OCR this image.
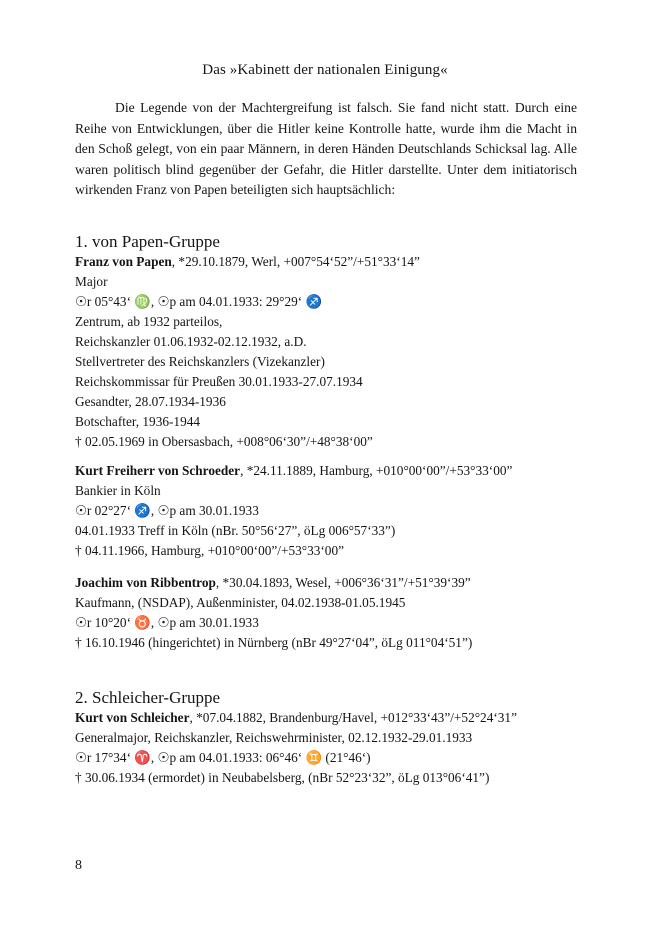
Das »Kabinett der nationalen Einigung«
Die Legende von der Machtergreifung ist falsch. Sie fand nicht statt. Durch eine Reihe von Entwicklungen, über die Hitler keine Kontrolle hatte, wurde ihm die Macht in den Schoß gelegt, von ein paar Männern, in deren Händen Deutschlands Schicksal lag. Alle waren politisch blind gegenüber der Gefahr, die Hitler darstellte. Unter dem initiatorisch wirkenden Franz von Papen beteiligten sich hauptsächlich:
1. von Papen-Gruppe
Franz von Papen, *29.10.1879, Werl, +007°54‘52”/+51°33‘14”
Major
☉r 05°43‘ ♍, ☉p am 04.01.1933: 29°29‘ ♐
Zentrum, ab 1932 parteilos,
Reichskanzler 01.06.1932-02.12.1932, a.D.
Stellvertreter des Reichskanzlers (Vizekanzler)
Reichskommissar für Preußen 30.01.1933-27.07.1934
Gesandter, 28.07.1934-1936
Botschafter, 1936-1944
† 02.05.1969 in Obersasbach, +008°06‘30”/+48°38‘00”
Kurt Freiherr von Schroeder, *24.11.1889, Hamburg, +010°00‘00”/+53°33‘00”
Bankier in Köln
☉r 02°27‘ ♐, ☉p am 30.01.1933
04.01.1933 Treff in Köln (nBr. 50°56‘27”, öLg 006°57‘33”)
† 04.11.1966, Hamburg, +010°00‘00”/+53°33‘00”
Joachim von Ribbentrop, *30.04.1893, Wesel, +006°36‘31”/+51°39‘39”
Kaufmann, (NSDAP), Außenminister, 04.02.1938-01.05.1945
☉r 10°20‘ ♉, ☉p am 30.01.1933
† 16.10.1946 (hingerichtet) in Nürnberg (nBr 49°27‘04”, öLg 011°04‘51”)
2. Schleicher-Gruppe
Kurt von Schleicher, *07.04.1882, Brandenburg/Havel, +012°33‘43”/+52°24‘31”
Generalmajor, Reichskanzler, Reichswehrminister, 02.12.1932-29.01.1933
☉r 17°34‘ ♈, ☉p am 04.01.1933: 06°46‘ ♊ (21°46‘)
† 30.06.1934 (ermordet) in Neubabelsberg, (nBr 52°23‘32”, öLg 013°06‘41”)
8
